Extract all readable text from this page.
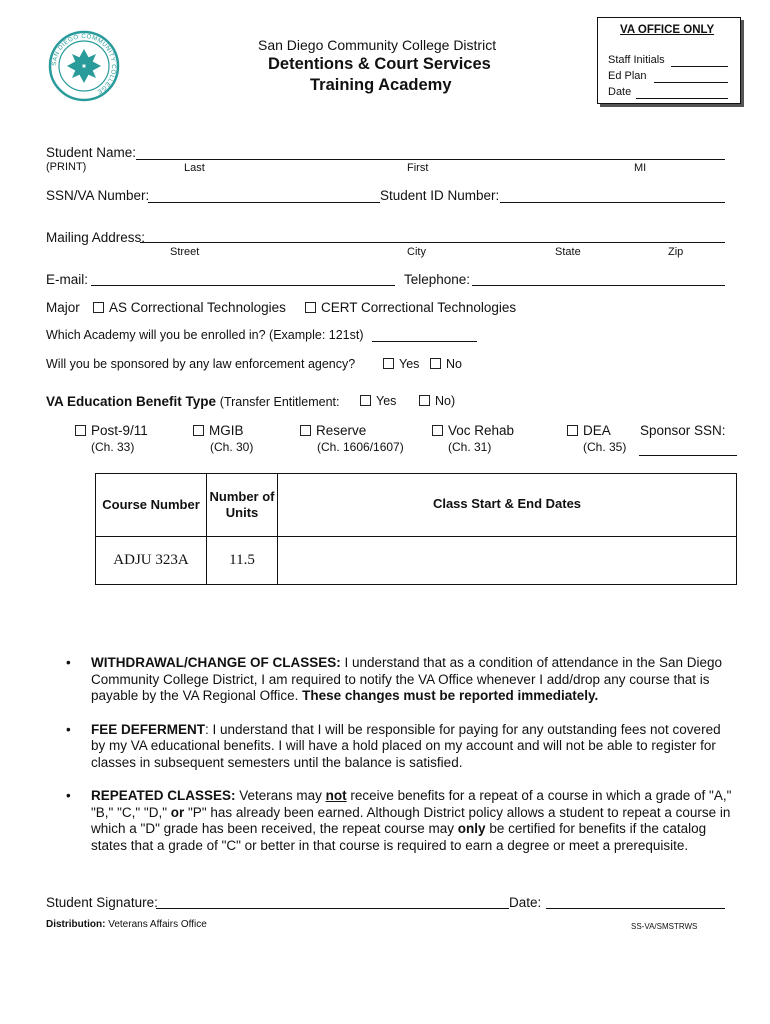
SAN DIEGO COMMUNITY COLLEGE
San Diego Community College District
Detentions & Court Services
Training Academy
VA OFFICE ONLY
Staff Initials
Ed Plan
Date
Student Name:
(PRINT)	Last	First	MI
SSN/VA Number:	Student ID Number:
Mailing Address:
Street	City	State	Zip
E-mail:	Telephone:
Major	AS Correctional Technologies	CERT Correctional Technologies
Which Academy will you be enrolled in? (Example: 121st)
Will you be sponsored by any law enforcement agency?	Yes	No
VA Education Benefit Type (Transfer Entitlement:	Yes	No)
Post-9/11
(Ch. 33)
MGIB
(Ch. 30)
Reserve
(Ch. 1606/1607)
Voc Rehab
(Ch. 31)
DEA
(Ch. 35)
Sponsor SSN:
Course Number	Number of Units	Class Start & End Dates
ADJU 323A	11.5	
• WITHDRAWAL/CHANGE OF CLASSES: I understand that as a condition of attendance in the San Diego Community College District, I am required to notify the VA Office whenever I add/drop any course that is payable by the VA Regional Office. These changes must be reported immediately.
• FEE DEFERMENT: I understand that I will be responsible for paying for any outstanding fees not covered by my VA educational benefits. I will have a hold placed on my account and will not be able to register for classes in subsequent semesters until the balance is satisfied.
• REPEATED CLASSES: Veterans may not receive benefits for a repeat of a course in which a grade of "A," "B," "C," "D," or "P" has already been earned. Although District policy allows a student to repeat a course in which a "D" grade has been received, the repeat course may only be certified for benefits if the catalog states that a grade of "C" or better in that course is required to earn a degree or meet a prerequisite.
Student Signature:	Date:
Distribution: Veterans Affairs Office	SS-VA/SMSTRWS
